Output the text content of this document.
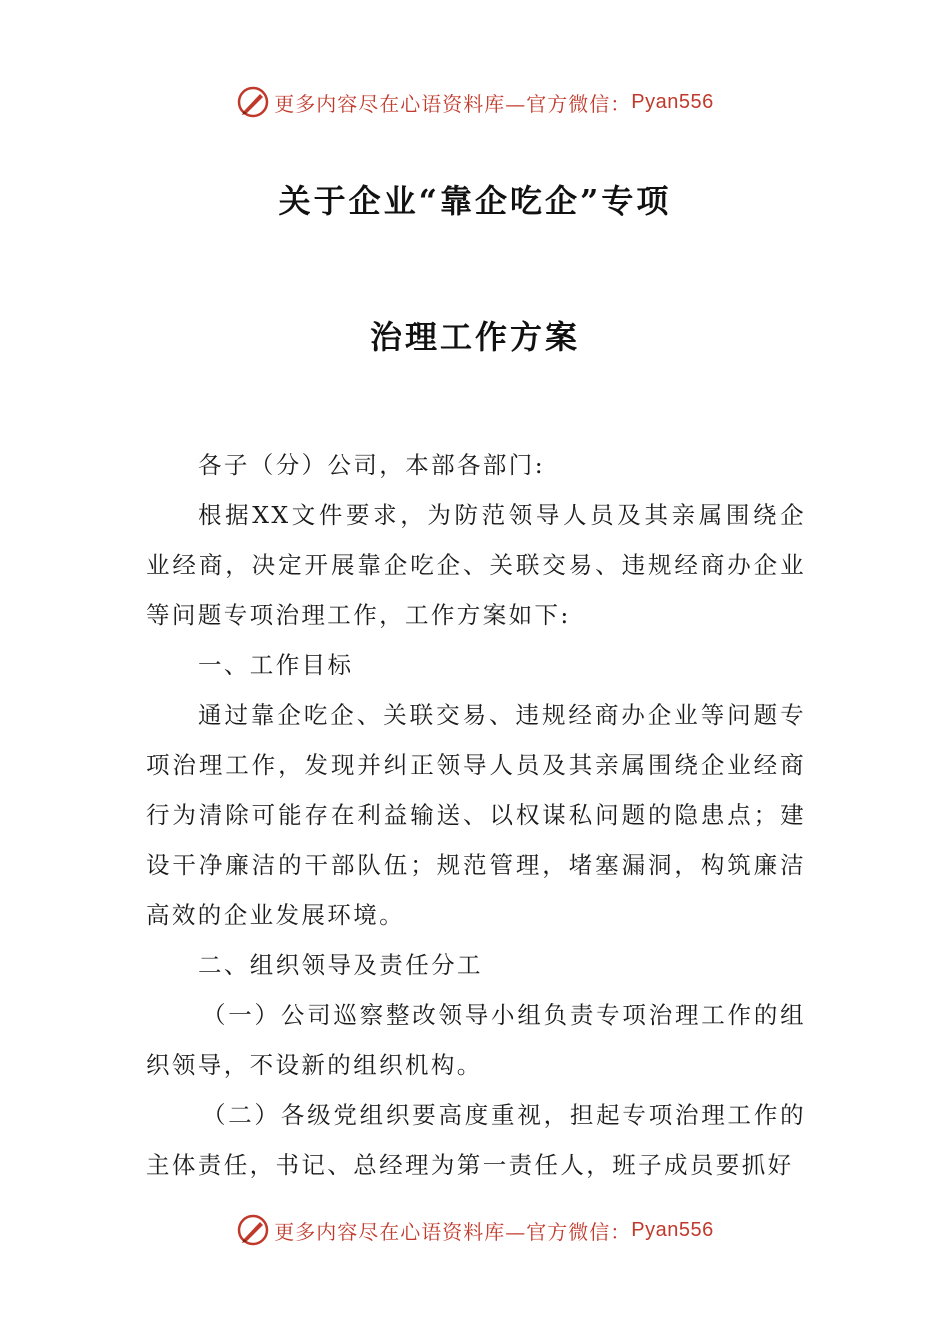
更多内容尽在心语资料库—官方微信： Pyan556
关于企业“靠企吃企”专项
治理工作方案

各子（分）公司，本部各部门:

根据XX文件要求，为防范领导人员及其亲属围绕企业经商，决定开展靠企吃企、关联交易、违规经商办企业等问题专项治理工作，工作方案如下:

一、工作目标

通过靠企吃企、关联交易、违规经商办企业等问题专项治理工作，发现并纠正领导人员及其亲属围绕企业经商行为清除可能存在利益输送、以权谋私问题的隐患点；建设干净廉洁的干部队伍；规范管理，堵塞漏洞，构筑廉洁高效的企业发展环境。

二、组织领导及责任分工

（一）公司巡察整改领导小组负责专项治理工作的组织领导，不设新的组织机构。

（二）各级党组织要高度重视，担起专项治理工作的主体责任，书记、总经理为第一责任人，班子成员要抓好

更多内容尽在心语资料库—官方微信： Pyan556
